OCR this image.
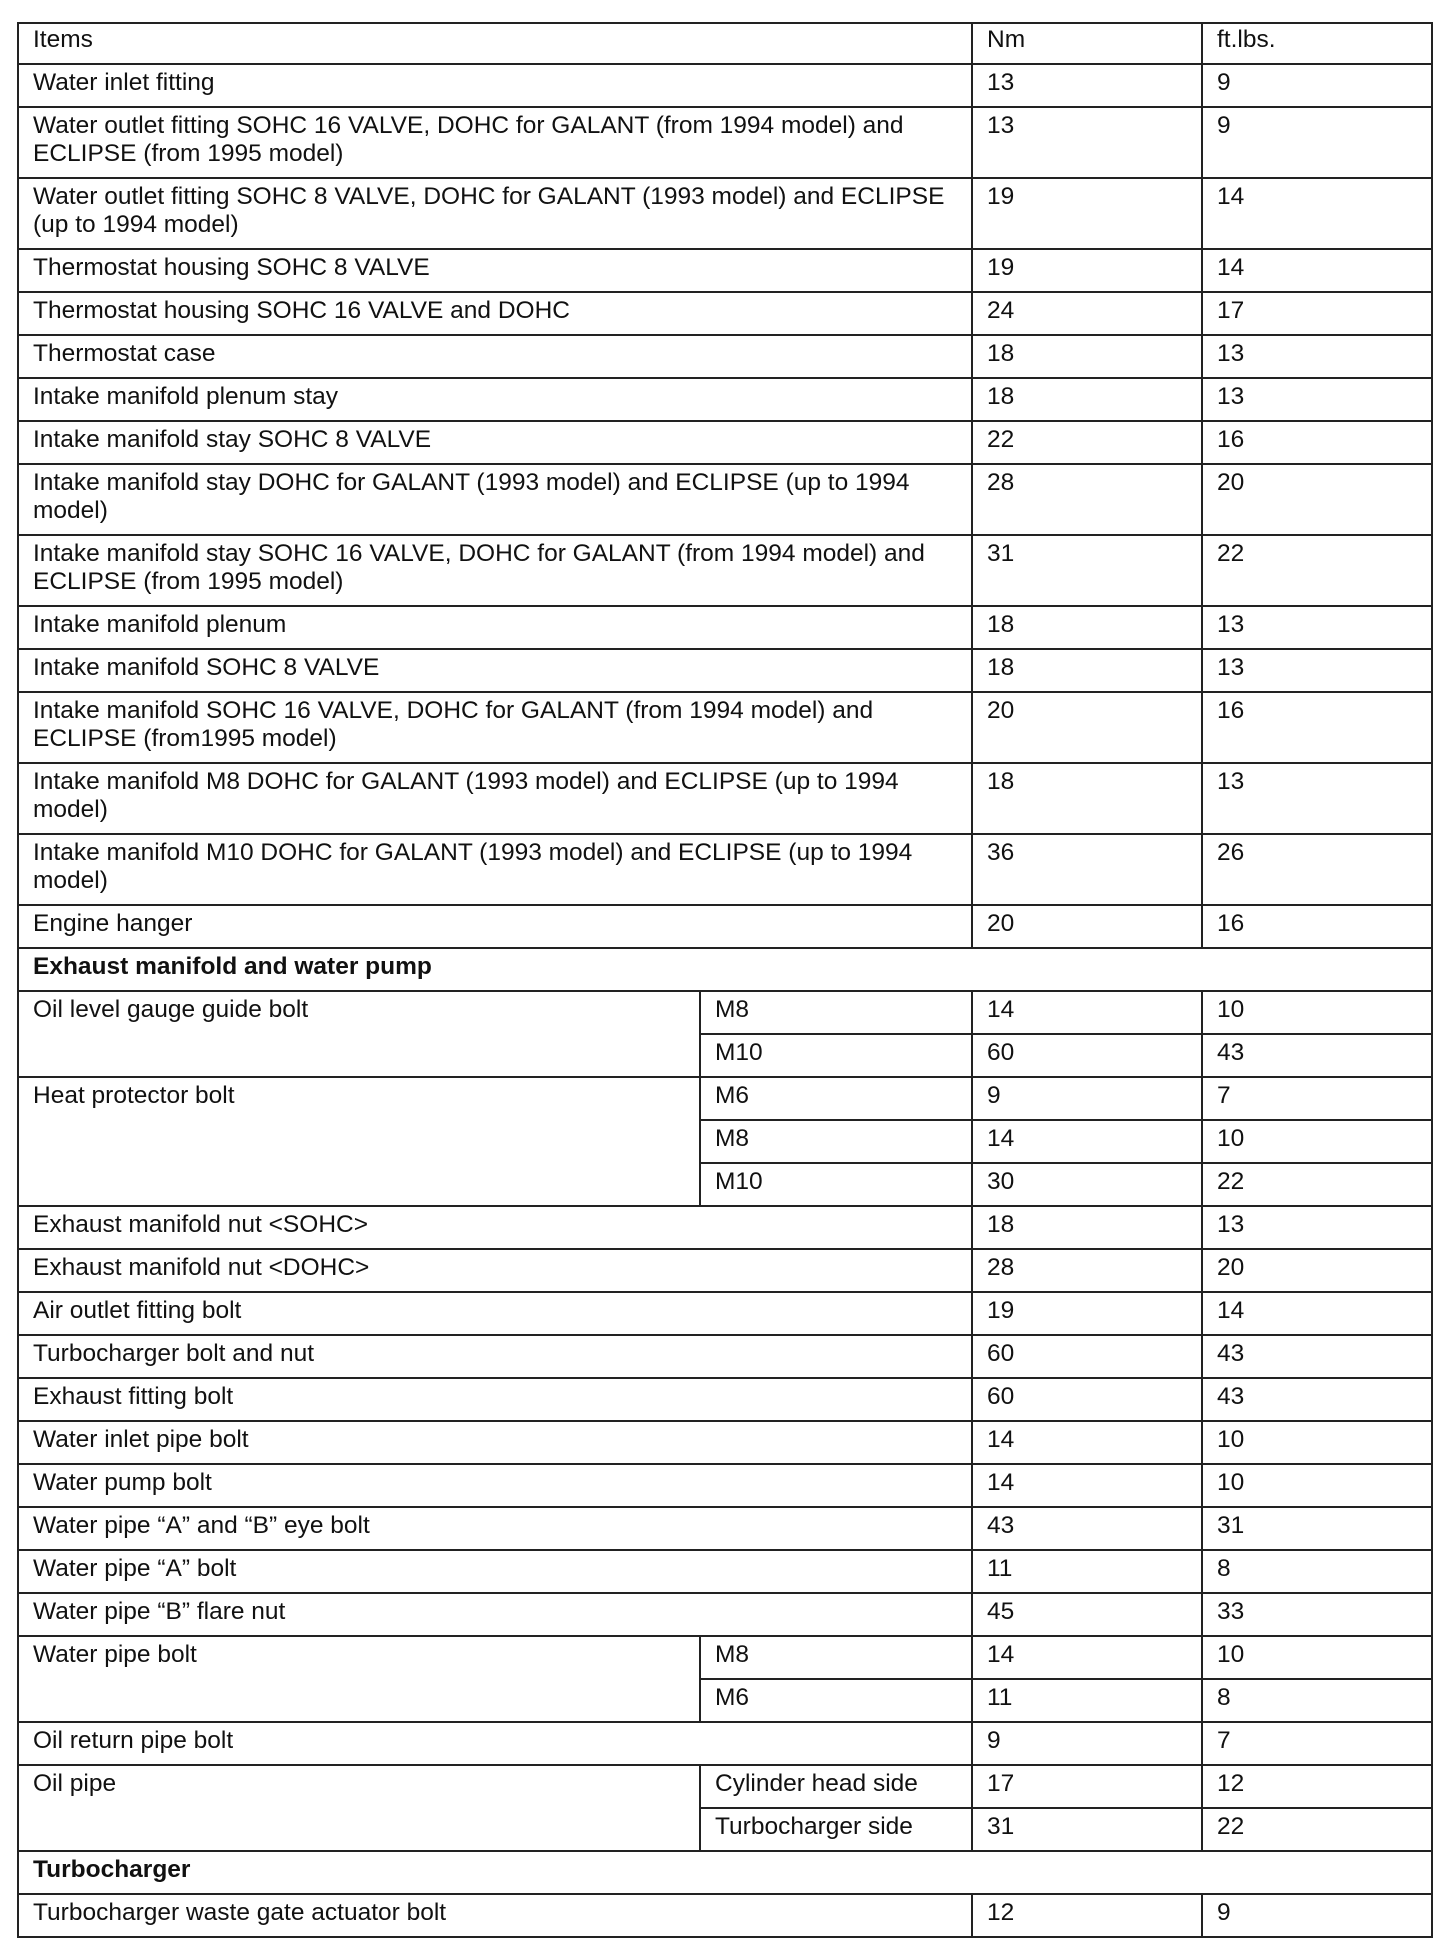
Items		Nm	ft.lbs.
Water inlet fitting		13	9
Water outlet fitting SOHC 16 VALVE, DOHC for GALANT (from 1994 model) and ECLIPSE (from 1995 model)		13	9
Water outlet fitting SOHC 8 VALVE, DOHC for GALANT (1993 model) and ECLIPSE (up to 1994 model)		19	14
Thermostat housing SOHC 8 VALVE		19	14
Thermostat housing SOHC 16 VALVE and DOHC		24	17
Thermostat case		18	13
Intake manifold plenum stay		18	13
Intake manifold stay SOHC 8 VALVE		22	16
Intake manifold stay DOHC for GALANT (1993 model) and ECLIPSE (up to 1994 model)		28	20
Intake manifold stay SOHC 16 VALVE, DOHC for GALANT (from 1994 model) and ECLIPSE (from 1995 model)		31	22
Intake manifold plenum		18	13
Intake manifold SOHC 8 VALVE		18	13
Intake manifold SOHC 16 VALVE, DOHC for GALANT (from 1994 model) and ECLIPSE (from1995 model)		20	16
Intake manifold M8 DOHC for GALANT (1993 model) and ECLIPSE (up to 1994 model)		18	13
Intake manifold M10 DOHC for GALANT (1993 model) and ECLIPSE (up to 1994 model)		36	26
Engine hanger		20	16
Exhaust manifold and water pump			
Oil level gauge guide bolt	M8	14	10
	M10	60	43
Heat protector bolt	M6	9	7
	M8	14	10
	M10	30	22
Exhaust manifold nut <SOHC>		18	13
Exhaust manifold nut <DOHC>		28	20
Air outlet fitting bolt		19	14
Turbocharger bolt and nut		60	43
Exhaust fitting bolt		60	43
Water inlet pipe bolt		14	10
Water pump bolt		14	10
Water pipe “A” and “B” eye bolt		43	31
Water pipe “A” bolt		11	8
Water pipe “B” flare nut		45	33
Water pipe bolt	M8	14	10
	M6	11	8
Oil return pipe bolt		9	7
Oil pipe	Cylinder head side	17	12
	Turbocharger side	31	22
Turbocharger			
Turbocharger waste gate actuator bolt		12	9
